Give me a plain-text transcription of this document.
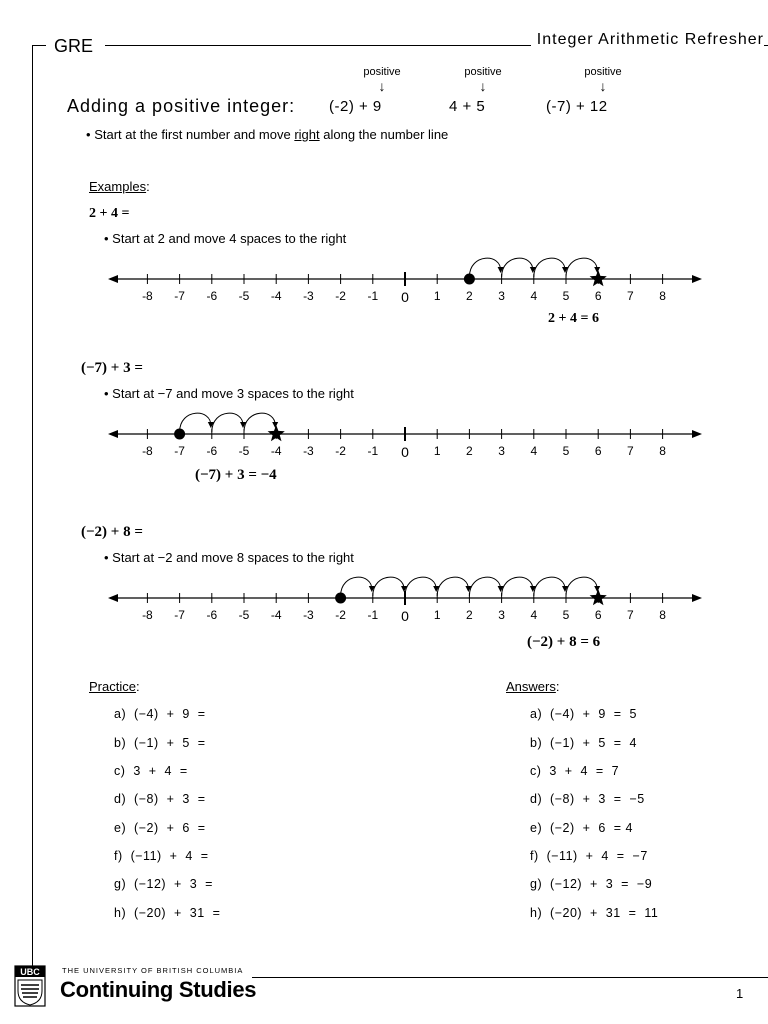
GRE	Integer Arithmetic Refresher
positive
↓
positive
↓
positive
↓
Adding a positive integer: (-2) + 9	4 + 5	(-7) + 12
• Start at the first number and move right along the number line
Examples:
2 + 4 =
• Start at 2 and move 4 spaces to the right
-8 -7 -6 -5 -4 -3 -2 -1 0 1 2 3 4 5 6 7 8
2 + 4 = 6
(−7) + 3 =
• Start at −7 and move 3 spaces to the right
-8 -7 -6 -5 -4 -3 -2 -1 0 1 2 3 4 5 6 7 8
(−7) + 3 = −4
(−2) + 8 =
• Start at −2 and move 8 spaces to the right
-8 -7 -6 -5 -4 -3 -2 -1 0 1 2 3 4 5 6 7 8
(−2) + 8 = 6
Practice:	Answers:
a)  (−4)  +  9  =
b)  (−1)  +  5  =
c)  3  +  4  =
d)  (−8)  +  3  =
e)  (−2)  +  6  =
f)  (−11)  +  4  =
g)  (−12)  +  3  =
h)  (−20)  +  31  =
a)  (−4)  +  9  =  5
b)  (−1)  +  5  =  4
c)  3  +  4  =  7
d)  (−8)  +  3  =  −5
e)  (−2)  +  6  = 4
f)  (−11)  +  4  =  −7
g)  (−12)  +  3  =  −9
h)  (−20)  +  31  =  11
UBC	THE UNIVERSITY OF BRITISH COLUMBIA
Continuing Studies	1
